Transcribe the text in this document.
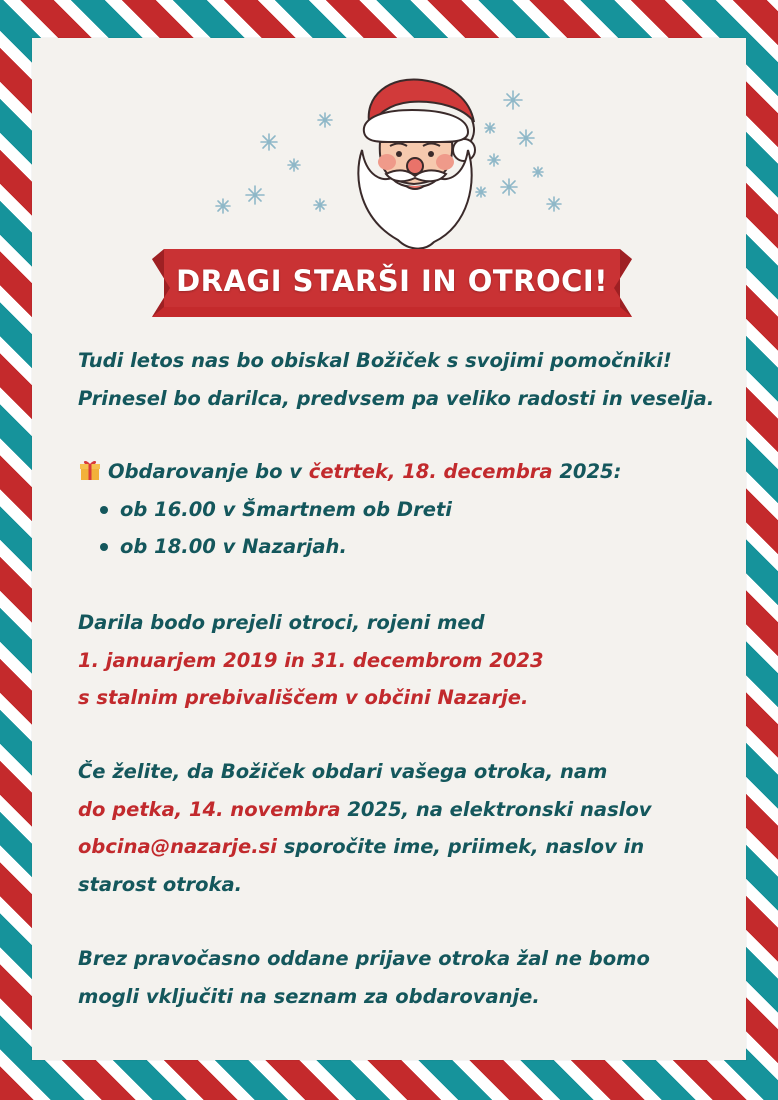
DRAGI STARŠI IN OTROCI!
Tudi letos nas bo obiskal Božiček s svojimi pomočniki!
Prinesel bo darilca, predvsem pa veliko radosti in veselja.
Obdarovanje bo v četrtek, 18. decembra 2025:
ob 16.00 v Šmartnem ob Dreti
ob 18.00 v Nazarjah.
Darila bodo prejeli otroci, rojeni med
1. januarjem 2019 in 31. decembrom 2023
s stalnim prebivališčem v občini Nazarje.
Če želite, da Božiček obdari vašega otroka, nam
do petka, 14. novembra 2025, na elektronski naslov
obcina@nazarje.si sporočite ime, priimek, naslov in
starost otroka.
Brez pravočasno oddane prijave otroka žal ne bomo
mogli vključiti na seznam za obdarovanje.
